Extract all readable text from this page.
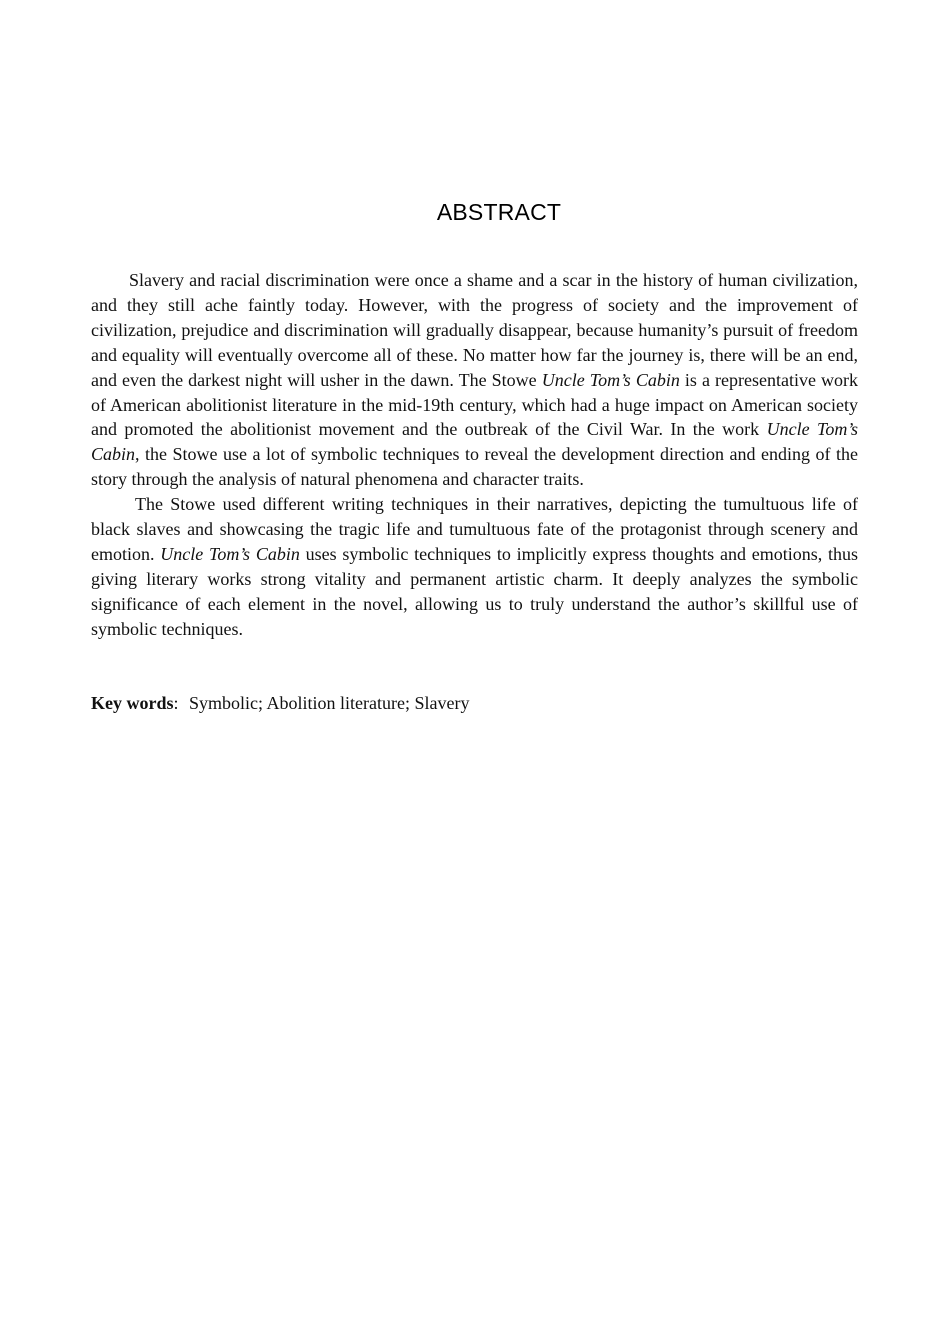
ABSTRACT

Slavery and racial discrimination were once a shame and a scar in the history of human civilization, and they still ache faintly today. However, with the progress of society and the improvement of civilization, prejudice and discrimination will gradually disappear, because humanity’s pursuit of freedom and equality will eventually overcome all of these. No matter how far the journey is, there will be an end, and even the darkest night will usher in the dawn. The Stowe Uncle Tom’s Cabin is a representative work of American abolitionist literature in the mid-19th century, which had a huge impact on American society and promoted the abolitionist movement and the outbreak of the Civil War. In the work Uncle Tom’s Cabin, the Stowe use a lot of symbolic techniques to reveal the development direction and ending of the story through the analysis of natural phenomena and character traits.

The Stowe used different writing techniques in their narratives, depicting the tumultuous life of black slaves and showcasing the tragic life and tumultuous fate of the protagonist through scenery and emotion. Uncle Tom’s Cabin uses symbolic techniques to implicitly express thoughts and emotions, thus giving literary works strong vitality and permanent artistic charm. It deeply analyzes the symbolic significance of each element in the novel, allowing us to truly understand the author’s skillful use of symbolic techniques.

Key words: Symbolic; Abolition literature; Slavery
